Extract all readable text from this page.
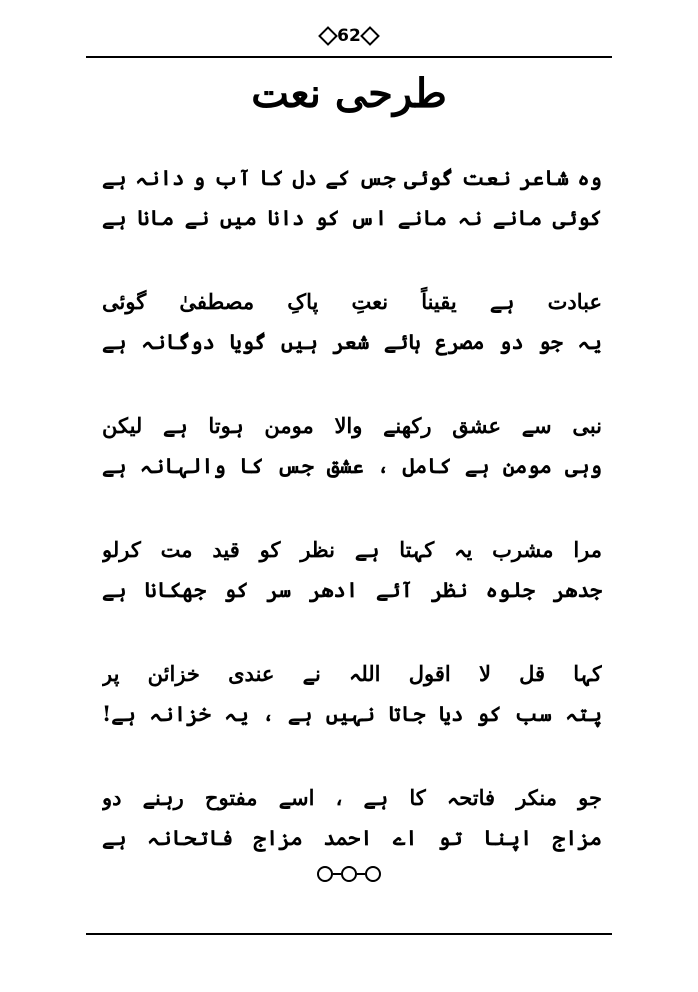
62
طرحی نعت
وہ شاعر نعت گوئی جس کے دل کا آب و دانہ ہے
کوئی مانے نہ مانے اس کو دانا میں نے مانا ہے
عبادت ہے یقیناً نعتِ پاکِ مصطفیٰ گوئی
یہ جو دو مصرع ہائے شعر ہیں گویا دوگانہ ہے
نبی سے عشق رکھنے والا مومن ہوتا ہے لیکن
وہی مومن ہے کامل ، عشق جس کا والہانہ ہے
مرا مشرب یہ کہتا ہے نظر کو قید مت کرلو
جدھر جلوہ نظر آئے ادھر سر کو جھکانا ہے
کہا قل لا اقول اللہ نے عندی خزائن پر
پتہ سب کو دیا جاتا نہیں ہے ، یہ خزانہ ہے!
جو منکر فاتحہ کا ہے ، اسے مفتوح رہنے دو
مزاج اپنا تو اے احمد مزاج فاتحانہ ہے
